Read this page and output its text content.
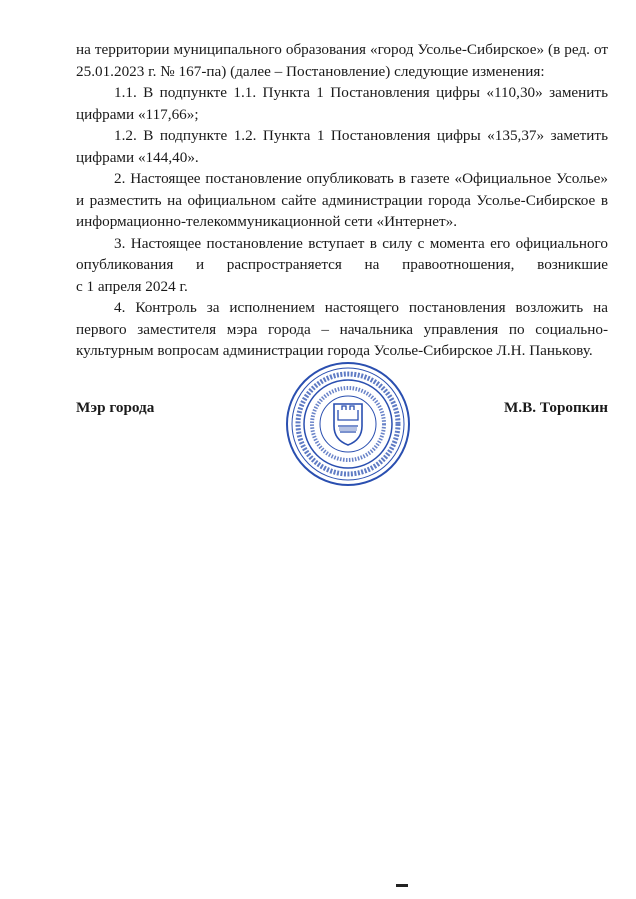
на территории муниципального образования «город Усолье-Сибирское» (в ред. от 25.01.2023 г. № 167-па) (далее – Постановление) следующие изменения:

1.1. В подпункте 1.1. Пункта 1 Постановления цифры «110,30» заменить цифрами «117,66»;

1.2. В подпункте 1.2. Пункта 1 Постановления цифры «135,37» заметить цифрами «144,40».

2. Настоящее постановление опубликовать в газете «Официальное Усолье» и разместить на официальном сайте администрации города Усолье-Сибирское в информационно-телекоммуникационной сети «Интернет».

3. Настоящее постановление вступает в силу с момента его официального опубликования и распространяется на правоотношения, возникшие

с 1 апреля 2024 г.

4. Контроль за исполнением настоящего постановления возложить на первого заместителя мэра города – начальника управления по социально-культурным вопросам администрации города Усолье-Сибирское Л.Н. Панькову.

Мэр города	М.В. Торопкин
